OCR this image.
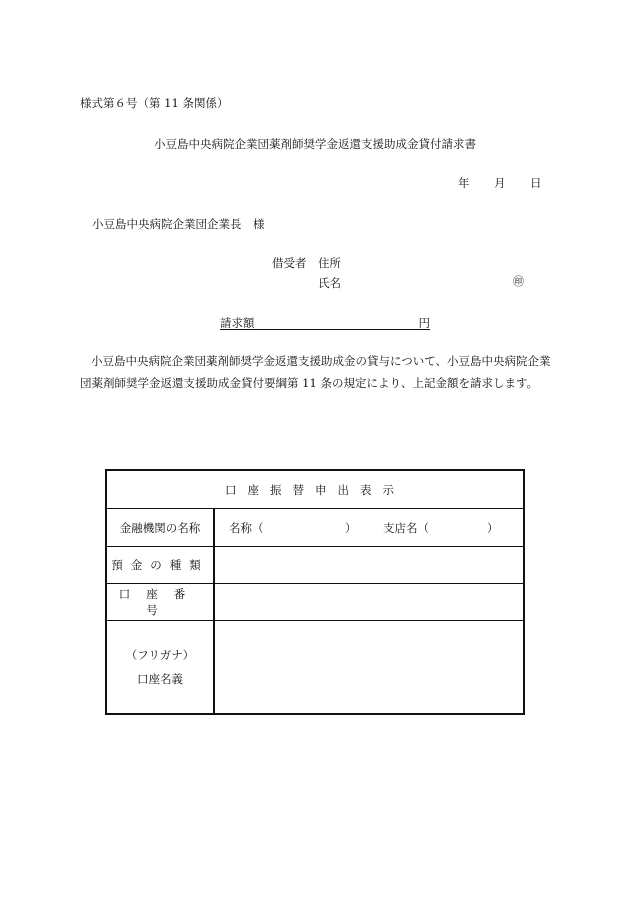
様式第６号（第 11 条関係）
小豆島中央病院企業団薬剤師奨学金返還支援助成金貸付請求書
年 月 日
小豆島中央病院企業団企業長　様
借受者 住所
氏名	㊞
請求額	円
小豆島中央病院企業団薬剤師奨学金返還支援助成金の貸与について、小豆島中央病院企業団薬剤師奨学金返還支援助成金貸付要綱第 11 条の規定により、上記金額を請求します。
口座振替申出表示	
金融機関の名称	名称（ ） 支店名（ ）

預金の種類	
口座番号	

（フリガナ）
口座名義	
